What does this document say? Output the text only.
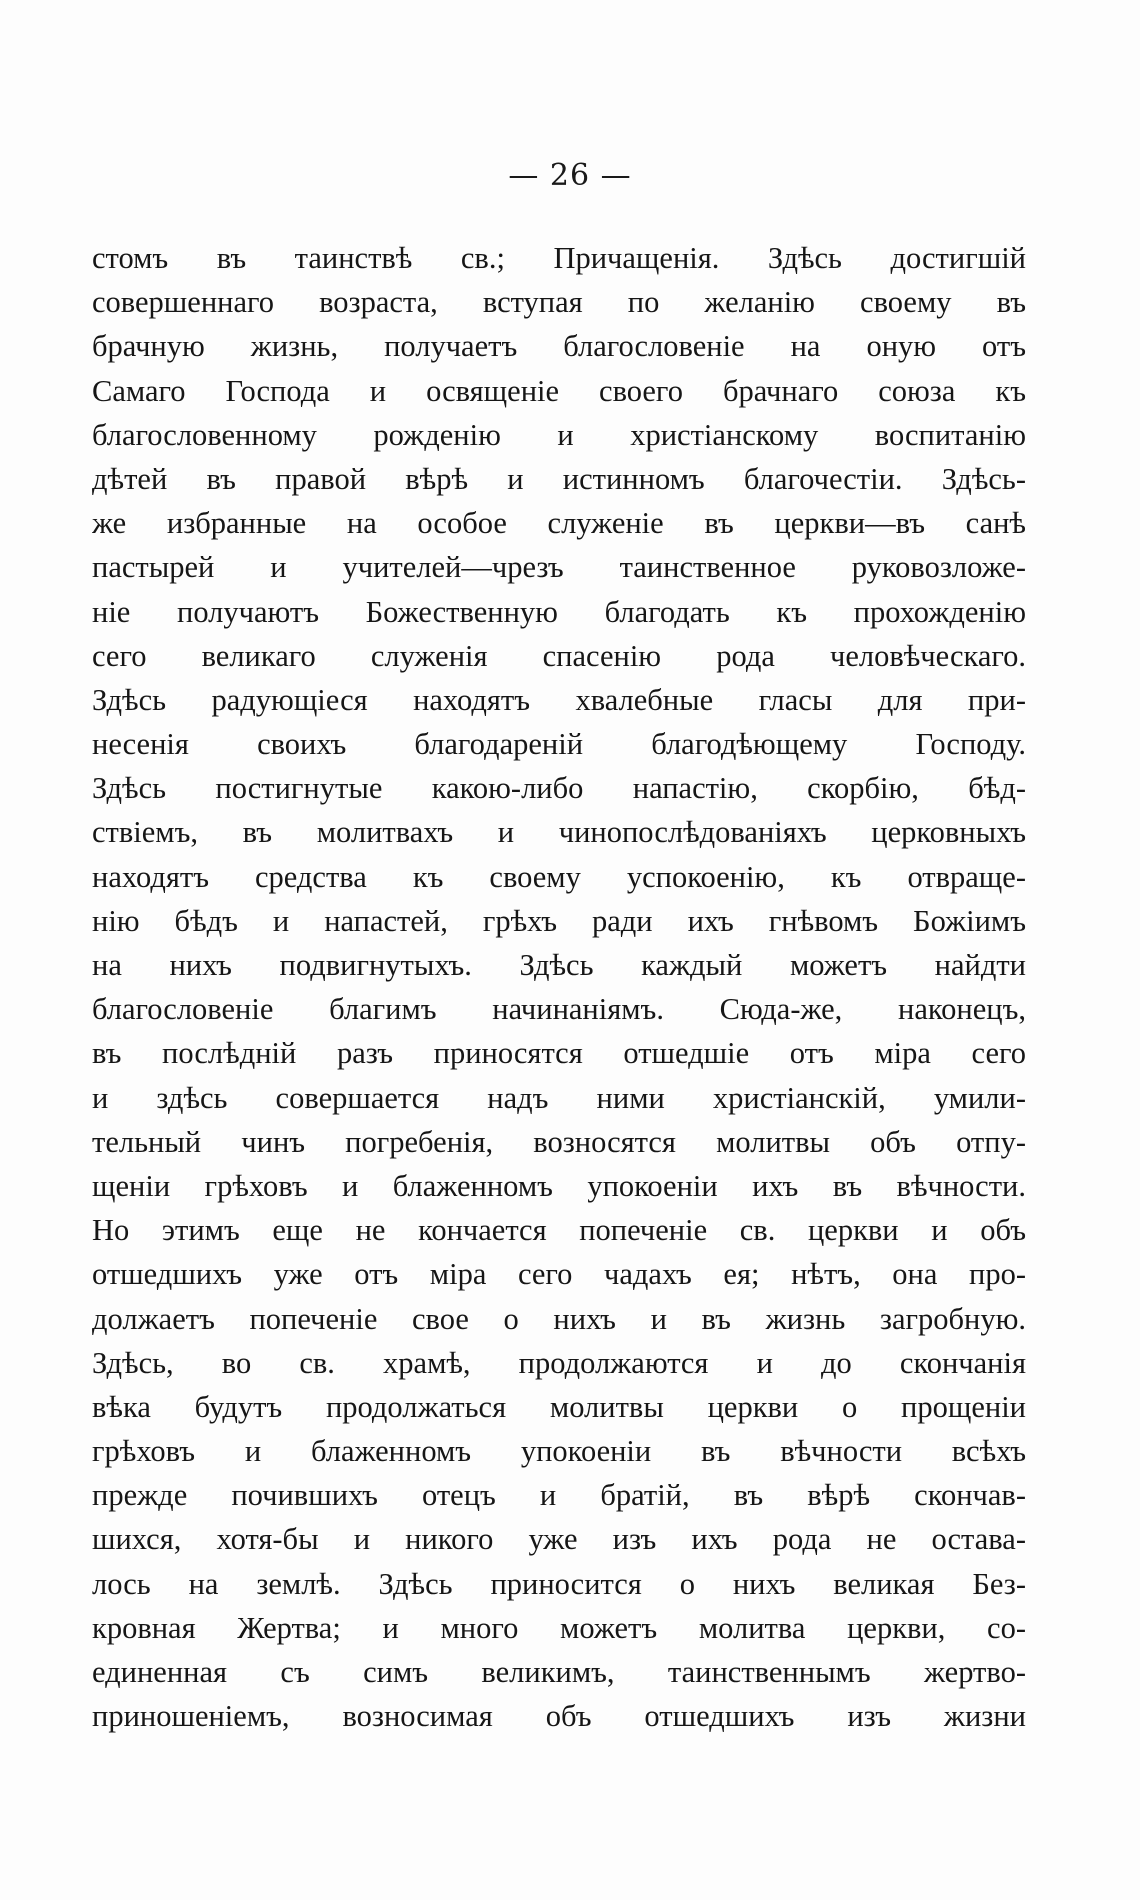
— 26 —
стомъ въ таинствѣ св.; Причащенія. Здѣсь достигшій
совершеннаго возраста, вступая по желанію своему въ
брачную жизнь, получаетъ благословеніе на оную отъ
Самаго Господа и освященіе своего брачнаго союза къ
благословенному рожденію и христіанскому воспитанію
дѣтей въ правой вѣрѣ и истинномъ благочестіи. Здѣсь-
же избранные на особое служеніе въ церкви—въ санѣ
пастырей и учителей—чрезъ таинственное руковозложе-
ніе получаютъ Божественную благодать къ прохожденію
сего великаго служенія спасенію рода человѣческаго.
Здѣсь радующіеся находятъ хвалебные гласы для при-
несенія своихъ благодареній благодѣющему Господу.
Здѣсь постигнутые какою-либо напастію, скорбію, бѣд-
ствіемъ, въ молитвахъ и чинопослѣдованіяхъ церковныхъ
находятъ средства къ своему успокоенію, къ отвраще-
нію бѣдъ и напастей, грѣхъ ради ихъ гнѣвомъ Божіимъ
на нихъ подвигнутыхъ. Здѣсь каждый можетъ найдти
благословеніе благимъ начинаніямъ. Сюда-же, наконецъ,
въ послѣдній разъ приносятся отшедшіе отъ міра сего
и здѣсь совершается надъ ними христіанскій, умили-
тельный чинъ погребенія, возносятся молитвы объ отпу-
щеніи грѣховъ и блаженномъ упокоеніи ихъ въ вѣчности.
Но этимъ еще не кончается попеченіе св. церкви и объ
отшедшихъ уже отъ міра сего чадахъ ея; нѣтъ, она про-
должаетъ попеченіе свое о нихъ и въ жизнь загробную.
Здѣсь, во св. храмѣ, продолжаются и до скончанія
вѣка будутъ продолжаться молитвы церкви о прощеніи
грѣховъ и блаженномъ упокоеніи въ вѣчности всѣхъ
прежде почившихъ отецъ и братій, въ вѣрѣ скончав-
шихся, хотя-бы и никого уже изъ ихъ рода не остава-
лось на землѣ. Здѣсь приносится о нихъ великая Без-
кровная Жертва; и много можетъ молитва церкви, со-
единенная съ симъ великимъ, таинственнымъ жертво-
приношеніемъ, возносимая объ отшедшихъ изъ жизни
